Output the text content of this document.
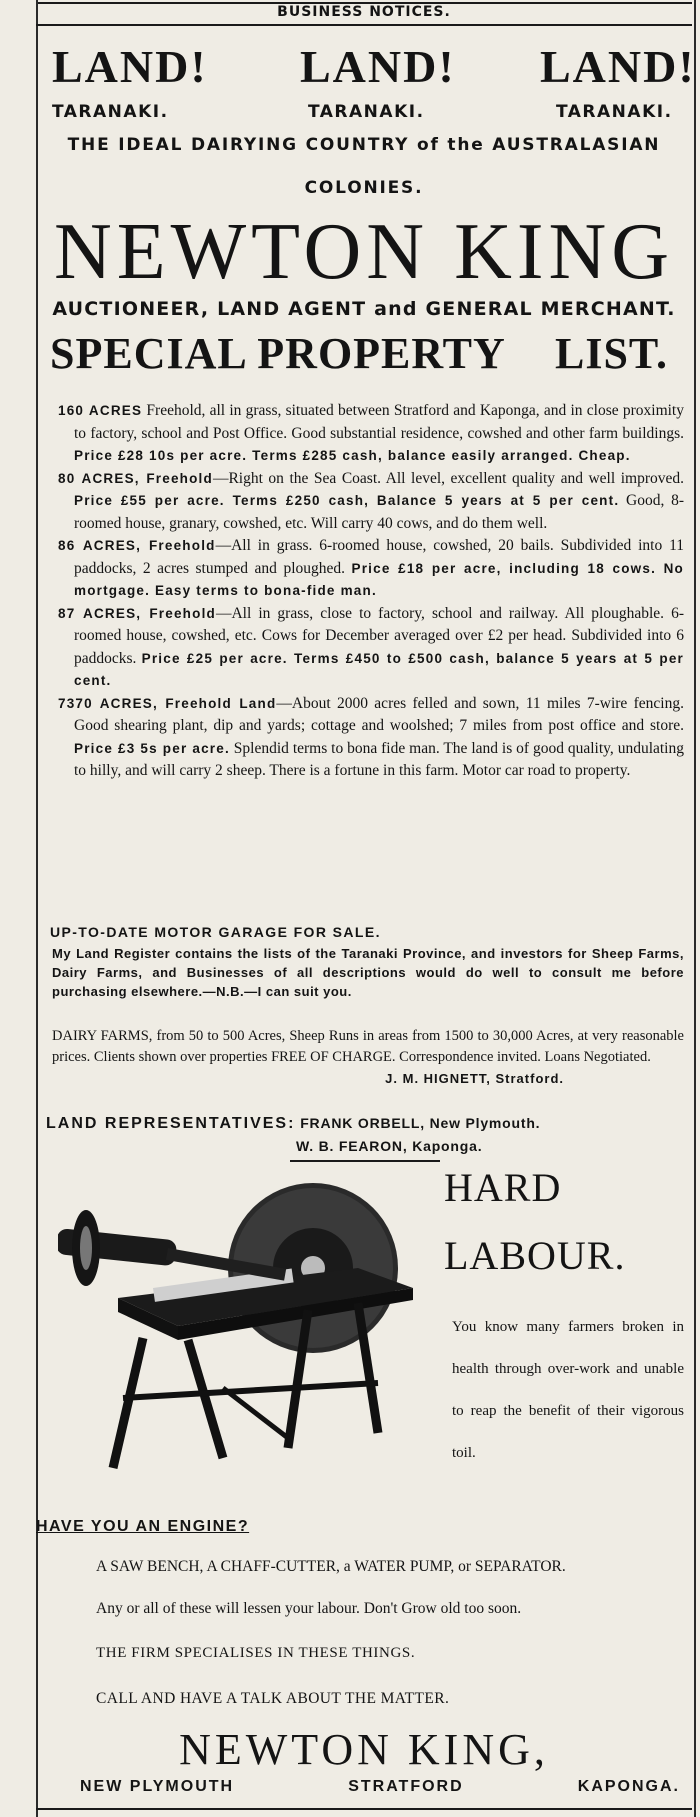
BUSINESS NOTICES.
LAND! LAND! LAND!
TARANAKI.	TARANAKI.	TARANAKI.
THE IDEAL DAIRYING COUNTRY of the AUSTRALASIAN
COLONIES.
NEWTON KING
AUCTIONEER, LAND AGENT and GENERAL MERCHANT.
SPECIAL PROPERTY LIST.

160 ACRES Freehold, all in grass, situated between Stratford and Kaponga, and in close proximity to factory, school and Post Office. Good substantial residence, cowshed and other farm buildings. Price £28 10s per acre. Terms £285 cash, balance easily arranged. Cheap.

80 ACRES, Freehold—Right on the Sea Coast. All level, excellent quality and well improved. Price £55 per acre. Terms £250 cash, Balance 5 years at 5 per cent. Good, 8-roomed house, granary, cowshed, etc. Will carry 40 cows, and do them well.

86 ACRES, Freehold—All in grass. 6-roomed house, cowshed, 20 bails. Subdivided into 11 paddocks, 2 acres stumped and ploughed. Price £18 per acre, including 18 cows. No mortgage. Easy terms to bona-fide man.

87 ACRES, Freehold—All in grass, close to factory, school and railway. All ploughable. 6-roomed house, cowshed, etc. Cows for December averaged over £2 per head. Subdivided into 6 paddocks. Price £25 per acre. Terms £450 to £500 cash, balance 5 years at 5 per cent.

7370 ACRES, Freehold Land—About 2000 acres felled and sown, 11 miles 7-wire fencing. Good shearing plant, dip and yards; cottage and woolshed; 7 miles from post office and store. Price £3 5s per acre. Splendid terms to bona fide man. The land is of good quality, undulating to hilly, and will carry 2 sheep. There is a fortune in this farm. Motor car road to property.

UP-TO-DATE MOTOR GARAGE FOR SALE.
My Land Register contains the lists of the Taranaki Province, and investors for Sheep Farms, Dairy Farms, and Businesses of all descriptions would do well to consult me before purchasing elsewhere.—N.B.—I can suit you.
DAIRY FARMS, from 50 to 500 Acres, Sheep Runs in areas from 1500 to 30,000 Acres, at very reasonable prices. Clients shown over properties FREE OF CHARGE. Correspondence invited. Loans Negotiated.
J. M. HIGNETT, Stratford.
LAND REPRESENTATIVES: FRANK ORBELL, New Plymouth.
W. B. FEARON, Kaponga.
HARD
LABOUR.
You know many farmers broken in health through over-work and unable to reap the benefit of their vigorous toil.
HAVE YOU AN ENGINE?
A SAW BENCH, A CHAFF-CUTTER, a WATER PUMP, or SEPARATOR.
Any or all of these will lessen your labour. Don't Grow old too soon.
THE FIRM SPECIALISES IN THESE THINGS.
CALL AND HAVE A TALK ABOUT THE MATTER.
NEWTON KING,
NEW PLYMOUTH	STRATFORD	KAPONGA.
